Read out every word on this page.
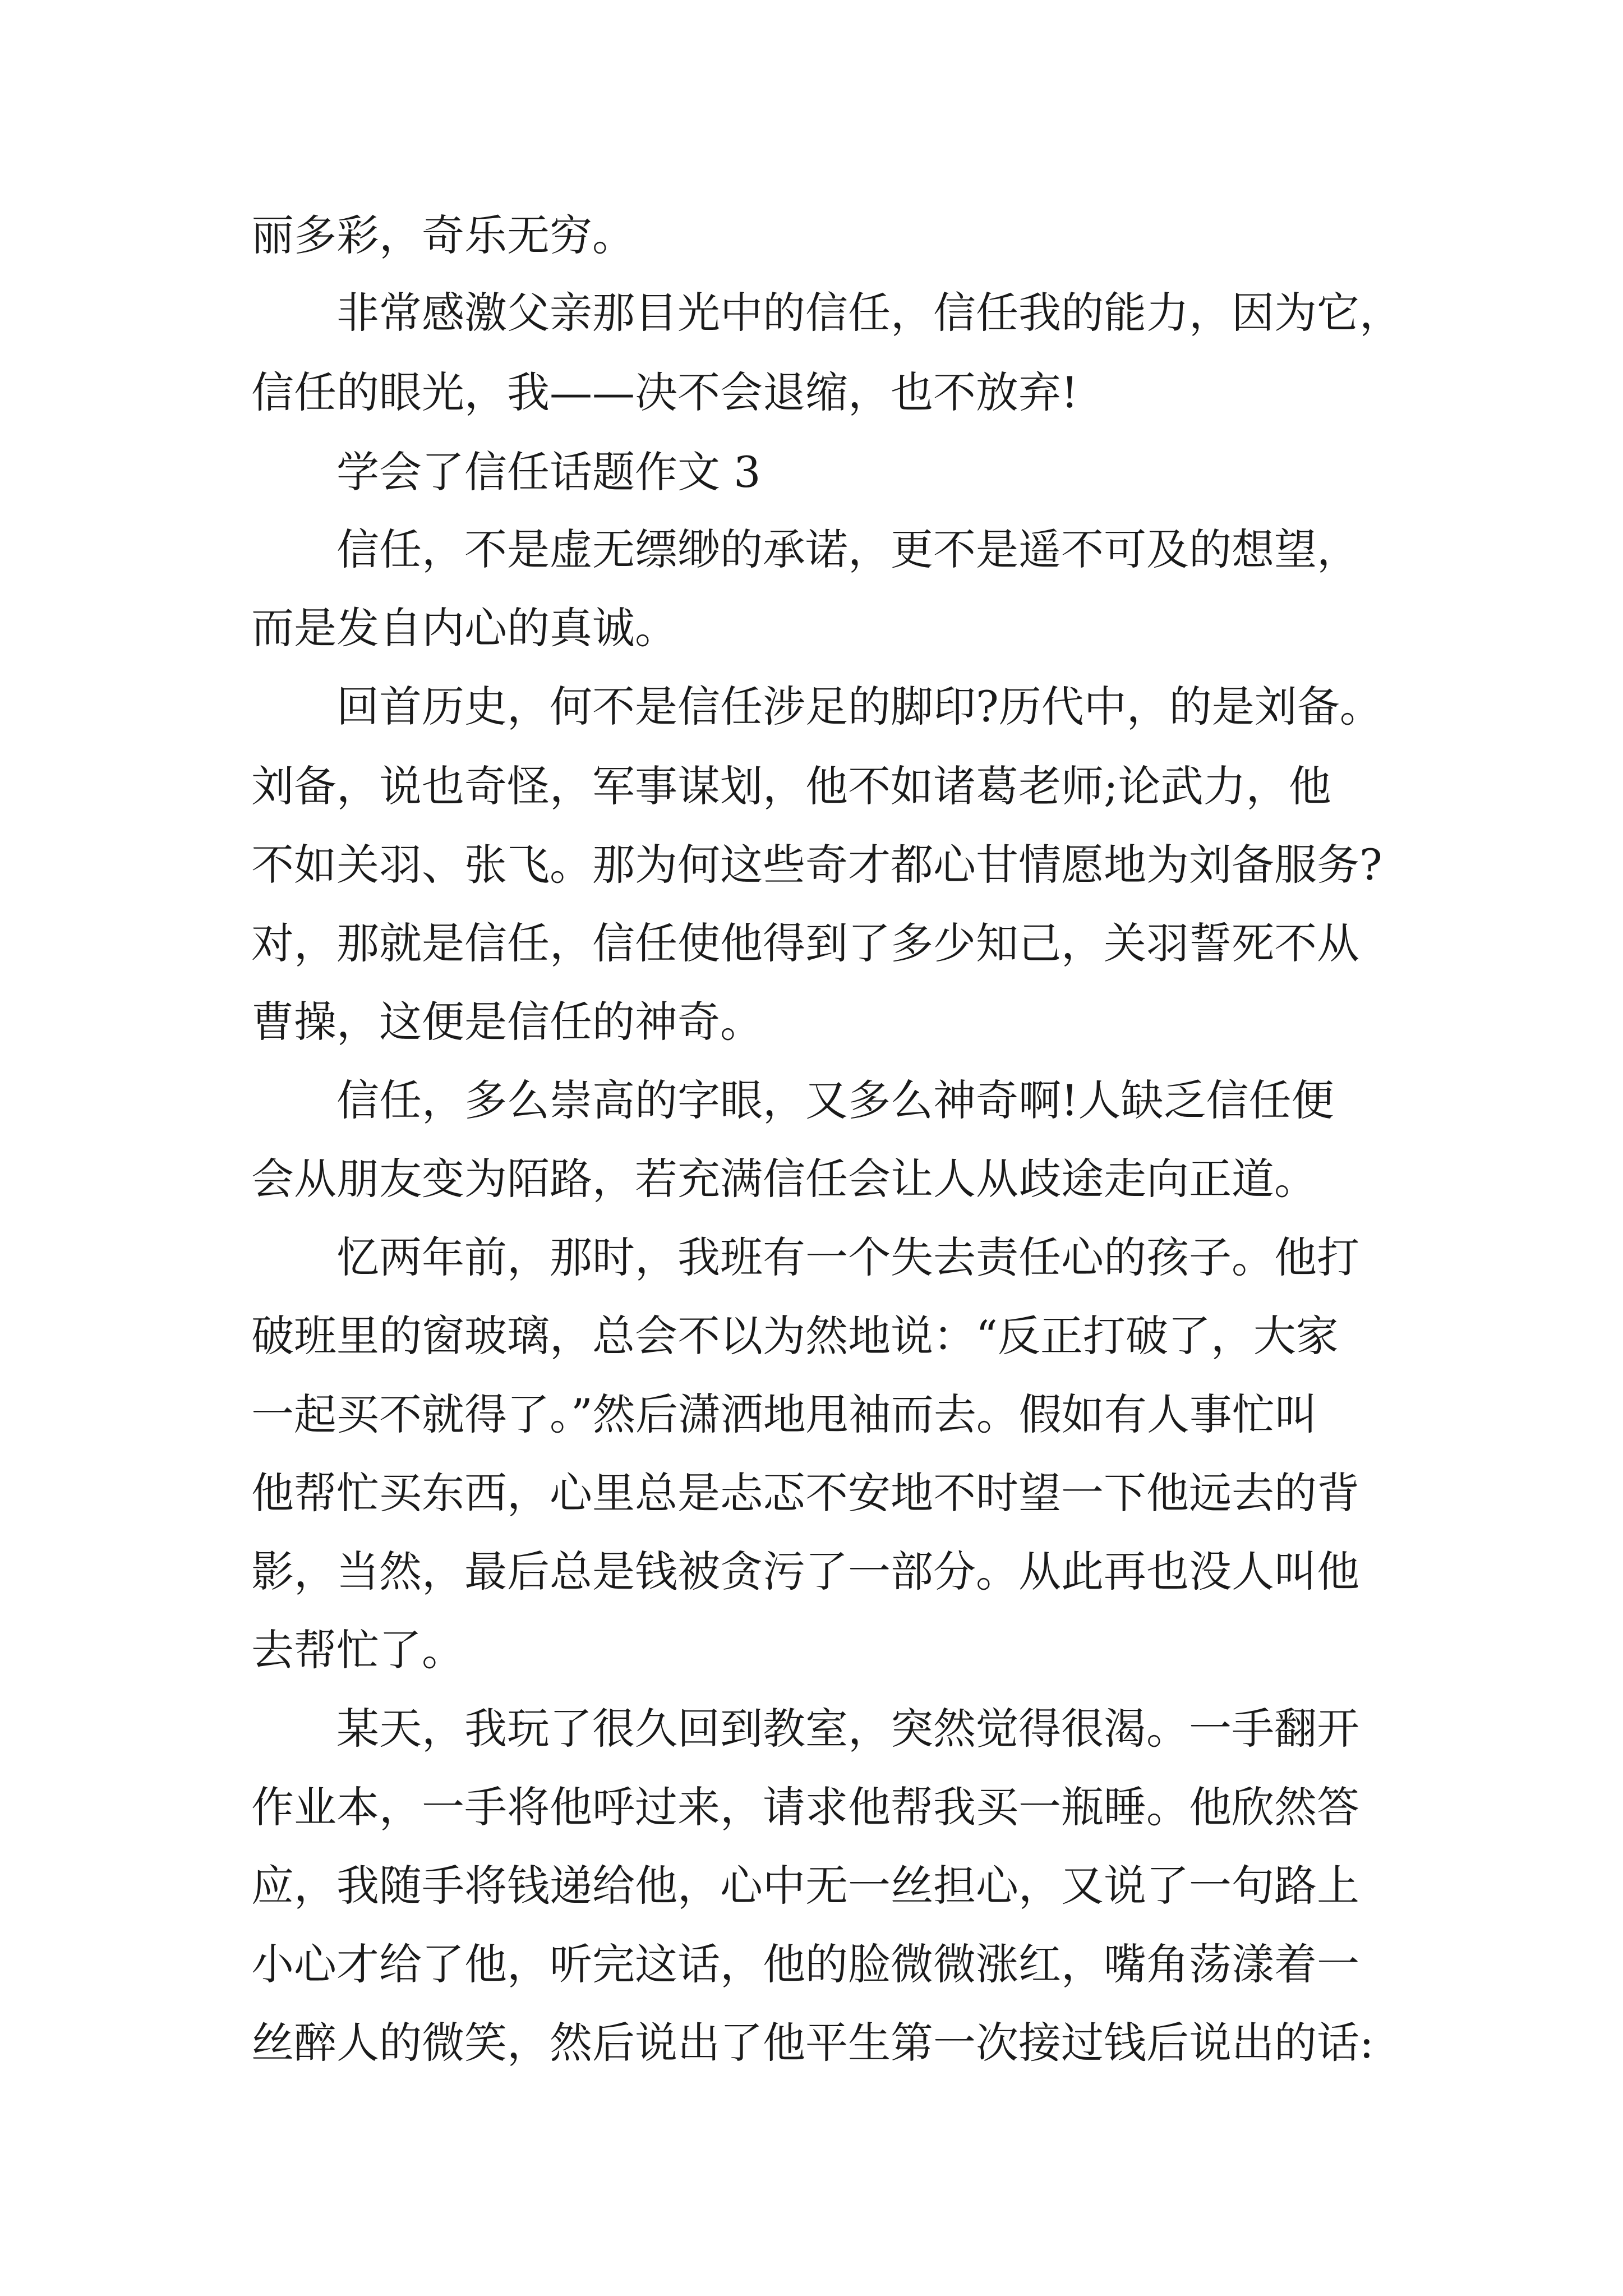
丽多彩，奇乐无穷。
非常感激父亲那目光中的信任，信任我的能力，因为它，
信任的眼光，我——决不会退缩，也不放弃!
学会了信任话题作文 3
信任，不是虚无缥缈的承诺，更不是遥不可及的想望，
而是发自内心的真诚。
回首历史，何不是信任涉足的脚印?历代中，的是刘备。
刘备，说也奇怪，军事谋划，他不如诸葛老师;论武力，他
不如关羽、张飞。那为何这些奇才都心甘情愿地为刘备服务?
对，那就是信任，信任使他得到了多少知己，关羽誓死不从
曹操，这便是信任的神奇。
信任，多么崇高的字眼，又多么神奇啊!人缺乏信任便
会从朋友变为陌路，若充满信任会让人从歧途走向正道。
忆两年前，那时，我班有一个失去责任心的孩子。他打
破班里的窗玻璃，总会不以为然地说：“反正打破了，大家
一起买不就得了。”然后潇洒地甩袖而去。假如有人事忙叫
他帮忙买东西，心里总是忐忑不安地不时望一下他远去的背
影，当然，最后总是钱被贪污了一部分。从此再也没人叫他
去帮忙了。
某天，我玩了很久回到教室，突然觉得很渴。一手翻开
作业本，一手将他呼过来，请求他帮我买一瓶睡。他欣然答
应，我随手将钱递给他，心中无一丝担心，又说了一句路上
小心才给了他，听完这话，他的脸微微涨红，嘴角荡漾着一
丝醉人的微笑，然后说出了他平生第一次接过钱后说出的话:
